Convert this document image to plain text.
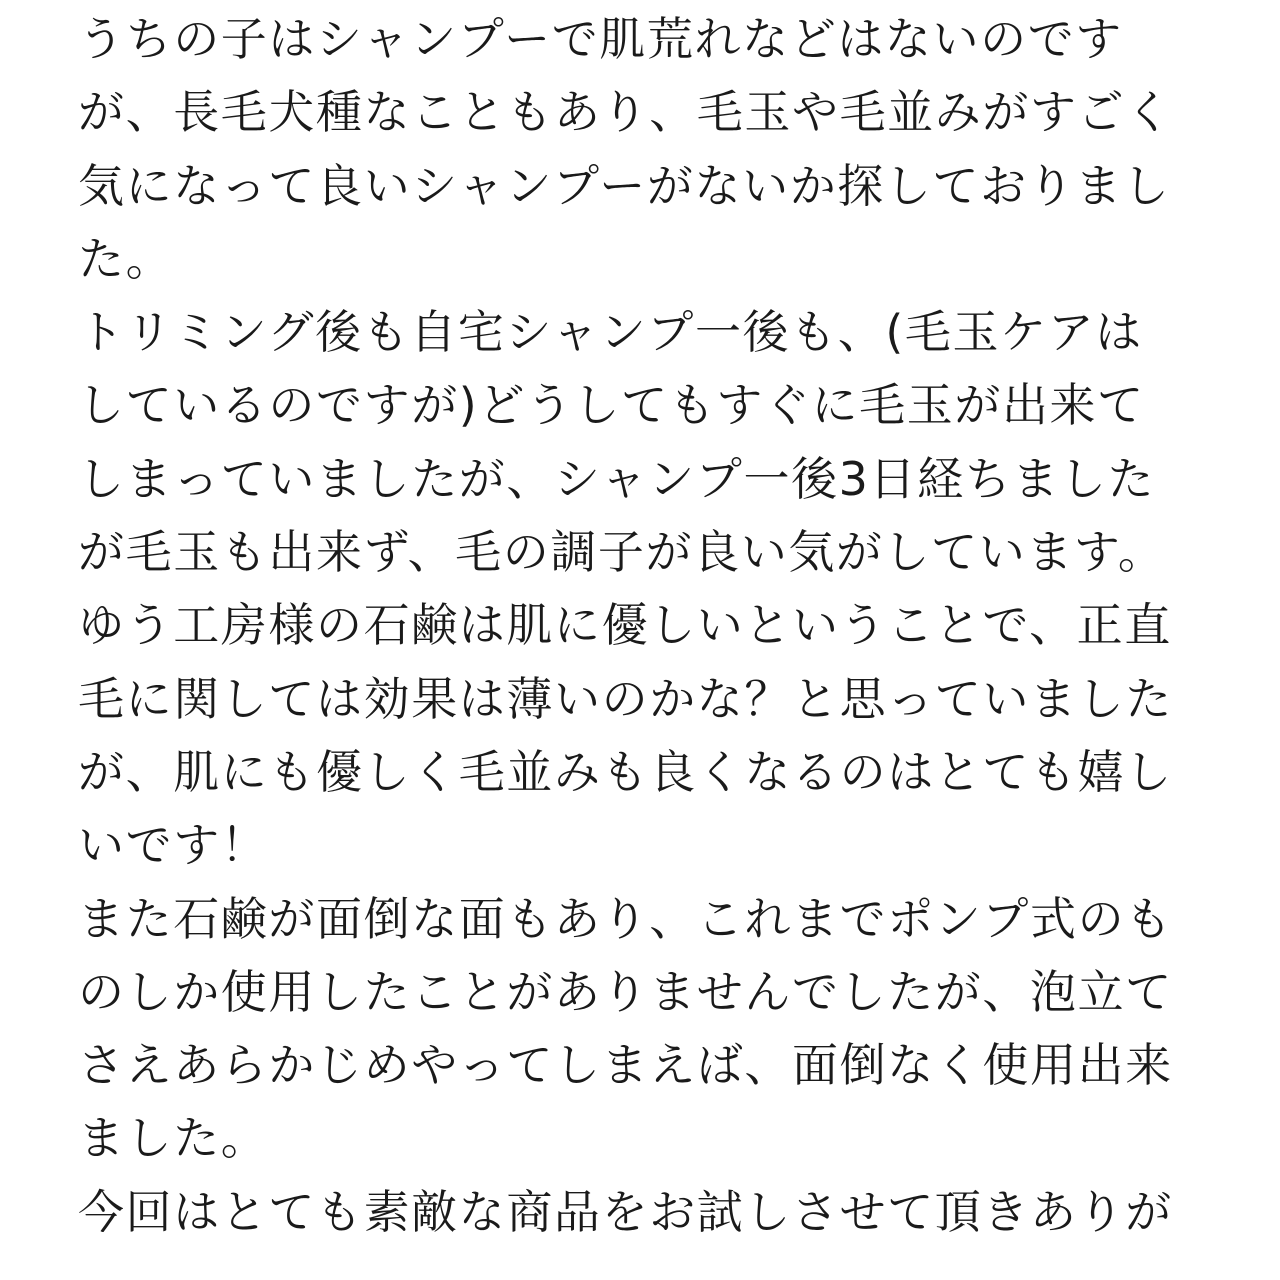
うちの子はシャンプーで肌荒れなどはないのです
が、長毛犬種なこともあり、毛玉や毛並みがすごく
気になって良いシャンプーがないか探しておりまし
た。
トリミング後も自宅シャンプ一後も、(毛玉ケアは
しているのですが)どうしてもすぐに毛玉が出来て
しまっていましたが、シャンプ一後3日経ちました
が毛玉も出来ず、毛の調子が良い気がしています。
ゆう工房様の石鹸は肌に優しいということで、正直
毛に関しては効果は薄いのかな？と思っていました
が、肌にも優しく毛並みも良くなるのはとても嬉し
いです！
また石鹸が面倒な面もあり、これまでポンプ式のも
のしか使用したことがありませんでしたが、泡立て
さえあらかじめやってしまえば、面倒なく使用出来
ました。
今回はとても素敵な商品をお試しさせて頂きありが
